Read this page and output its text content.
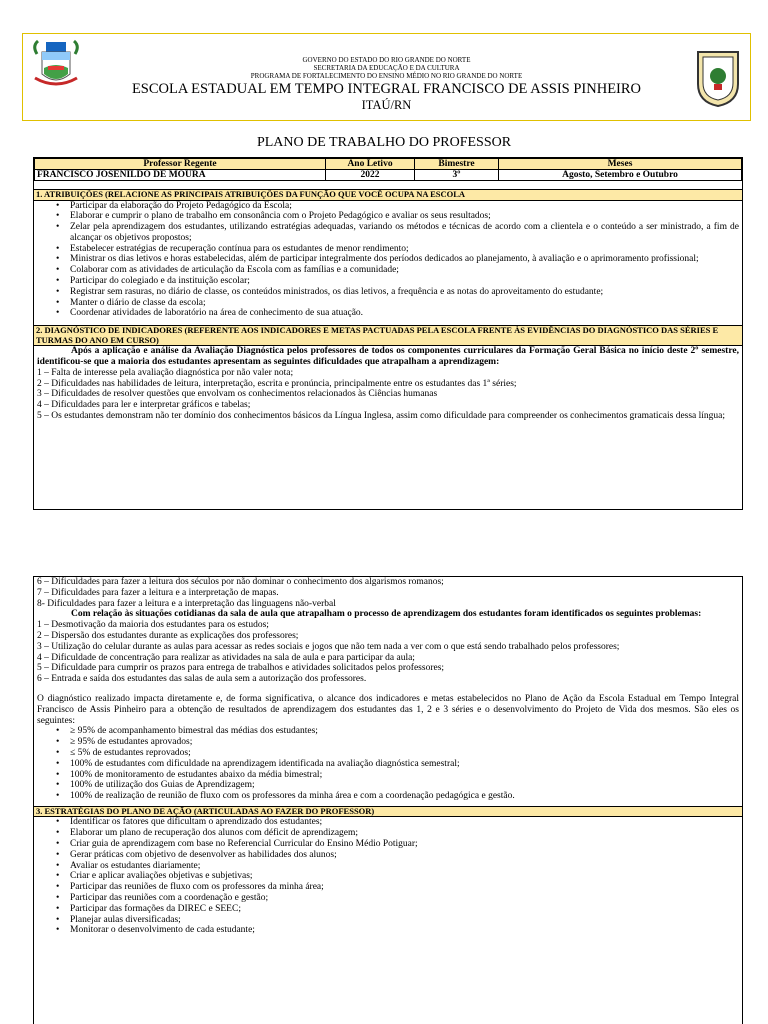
GOVERNO DO ESTADO DO RIO GRANDE DO NORTE
SECRETARIA DA EDUCAÇÃO E DA CULTURA
PROGRAMA DE FORTALECIMENTO DO ENSINO MÉDIO NO RIO GRANDE DO NORTE
ESCOLA ESTADUAL EM TEMPO INTEGRAL FRANCISCO DE ASSIS PINHEIRO
ITAÚ/RN
PLANO DE TRABALHO DO PROFESSOR
Professor Regente	Ano Letivo	Bimestre	Meses
FRANCISCO JOSENILDO DE MOURA	2022	3º	Agosto, Setembro e Outubro
1. ATRIBUIÇÕES (RELACIONE AS PRINCIPAIS ATRIBUIÇÕES DA FUNÇÃO QUE VOCÊ OCUPA NA ESCOLA
• Participar da elaboração do Projeto Pedagógico da Escola;
• Elaborar e cumprir o plano de trabalho em consonância com o Projeto Pedagógico e avaliar os seus resultados;
• Zelar pela aprendizagem dos estudantes, utilizando estratégias adequadas, variando os métodos e técnicas de acordo com a clientela e o conteúdo a ser ministrado, a fim de alcançar os objetivos propostos;
• Estabelecer estratégias de recuperação contínua para os estudantes de menor rendimento;
• Ministrar os dias letivos e horas estabelecidas, além de participar integralmente dos períodos dedicados ao planejamento, à avaliação e o aprimoramento profissional;
• Colaborar com as atividades de articulação da Escola com as famílias e a comunidade;
• Participar do colegiado e da instituição escolar;
• Registrar sem rasuras, no diário de classe, os conteúdos ministrados, os dias letivos, a frequência e as notas do aproveitamento do estudante;
• Manter o diário de classe da escola;
• Coordenar atividades de laboratório na área de conhecimento de sua atuação.
2. DIAGNÓSTICO DE INDICADORES (REFERENTE AOS INDICADORES E METAS PACTUADAS PELA ESCOLA FRENTE ÀS EVIDÊNCIAS DO DIAGNÓSTICO DAS SÉRIES E TURMAS DO ANO EM CURSO)
Após a aplicação e análise da Avaliação Diagnóstica pelos professores de todos os componentes curriculares da Formação Geral Básica no início deste 2º semestre, identificou-se que a maioria dos estudantes apresentam as seguintes dificuldades que atrapalham a aprendizagem:
1 – Falta de interesse pela avaliação diagnóstica por não valer nota;
2 – Dificuldades nas habilidades de leitura, interpretação, escrita e pronúncia, principalmente entre os estudantes das 1ª séries;
3 – Dificuldades de resolver questões que envolvam os conhecimentos relacionados às Ciências humanas
4 – Dificuldades para ler e interpretar gráficos e tabelas;
5 – Os estudantes demonstram não ter domínio dos conhecimentos básicos da Língua Inglesa, assim como dificuldade para compreender os conhecimentos gramaticais dessa língua;
6 – Dificuldades para fazer a leitura dos séculos por não dominar o conhecimento dos algarismos romanos;
7 – Dificuldades para fazer a leitura e a interpretação de mapas.
8- Dificuldades para fazer a leitura e a interpretação das linguagens não-verbal
Com relação às situações cotidianas da sala de aula que atrapalham o processo de aprendizagem dos estudantes foram identificados os seguintes problemas:
1 – Desmotivação da maioria dos estudantes para os estudos;
2 – Dispersão dos estudantes durante as explicações dos professores;
3 – Utilização do celular durante as aulas para acessar as redes sociais e jogos que não tem nada a ver com o que está sendo trabalhado pelos professores;
4 – Dificuldade de concentração para realizar as atividades na sala de aula e para participar da aula;
5 – Dificuldade para cumprir os prazos para entrega de trabalhos e atividades solicitados pelos professores;
6 – Entrada e saída dos estudantes das salas de aula sem a autorização dos professores.
O diagnóstico realizado impacta diretamente e, de forma significativa, o alcance dos indicadores e metas estabelecidos no Plano de Ação da Escola Estadual em Tempo Integral Francisco de Assis Pinheiro para a obtenção de resultados de aprendizagem dos estudantes das 1, 2 e 3 séries e o desenvolvimento do Projeto de Vida dos mesmos. São eles os seguintes:
• ≥ 95% de acompanhamento bimestral das médias dos estudantes;
• ≥ 95% de estudantes aprovados;
• ≤ 5% de estudantes reprovados;
• 100% de estudantes com dificuldade na aprendizagem identificada na avaliação diagnóstica semestral;
• 100% de monitoramento de estudantes abaixo da média bimestral;
• 100% de utilização dos Guias de Aprendizagem;
• 100% de realização de reunião de fluxo com os professores da minha área e com a coordenação pedagógica e gestão.
3. ESTRATÉGIAS DO PLANO DE AÇÃO (ARTICULADAS AO FAZER DO PROFESSOR)
• Identificar os fatores que dificultam o aprendizado dos estudantes;
• Elaborar um plano de recuperação dos alunos com déficit de aprendizagem;
• Criar guia de aprendizagem com base no Referencial Curricular do Ensino Médio Potiguar;
• Gerar práticas com objetivo de desenvolver as habilidades dos alunos;
• Avaliar os estudantes diariamente;
• Criar e aplicar avaliações objetivas e subjetivas;
• Participar das reuniões de fluxo com os professores da minha área;
• Participar das reuniões com a coordenação e gestão;
• Participar das formações da DIREC e SEEC;
• Planejar aulas diversificadas;
• Monitorar o desenvolvimento de cada estudante;
